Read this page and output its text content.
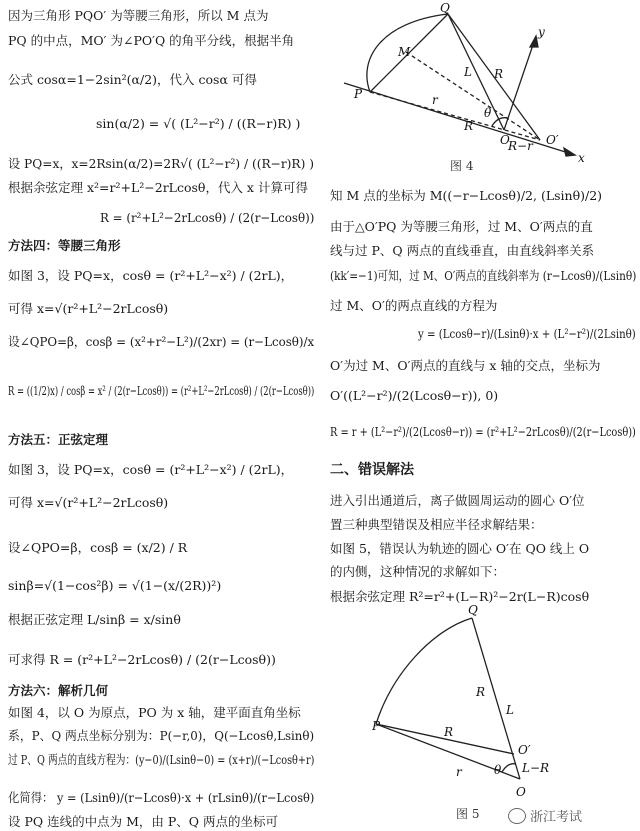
因为三角形 PQO′ 为等腰三角形，所以 M 点为
PQ 的中点，MO′ 为∠PO′Q 的角平分线，根据半角
公式 cosα=1−2sin²(α/2)，代入 cosα 可得
sin(α/2) = √( (L²−r²) / ((R−r)R) )
设 PQ=x，x=2Rsin(α/2)=2R√( (L²−r²) / ((R−r)R) )
根据余弦定理 x²=r²+L²−2rLcosθ，代入 x 计算可得
R = (r²+L²−2rLcosθ) / (2(r−Lcosθ))
方法四：等腰三角形
如图 3，设 PQ=x，cosθ = (r²+L²−x²) / (2rL)，
可得 x=√(r²+L²−2rLcosθ)
设∠QPO=β，cosβ = (x²+r²−L²)/(2xr) = (r−Lcosθ)/x
R = ((1/2)x) / cosβ = x² / (2(r−Lcosθ)) = (r²+L²−2rLcosθ) / (2(r−Lcosθ))
方法五：正弦定理
如图 3，设 PQ=x，cosθ = (r²+L²−x²) / (2rL)，
可得 x=√(r²+L²−2rLcosθ)
设∠QPO=β，cosβ = (x/2) / R
sinβ=√(1−cos²β) = √(1−(x/(2R))²)
根据正弦定理 L/sinβ = x/sinθ
可求得 R = (r²+L²−2rLcosθ) / (2(r−Lcosθ))
方法六：解析几何
如图 4，以 O 为原点，PO 为 x 轴，建平面直角坐标
系，P、Q 两点坐标分别为：P(−r,0)，Q(−Lcosθ,Lsinθ)
过 P、Q 两点的直线方程为：(y−0)/(Lsinθ−0) = (x+r)/(−Lcosθ+r)
化简得： y = (Lsinθ)/(r−Lcosθ)·x + (rLsinθ)/(r−Lcosθ)
设 PQ 连线的中点为 M，由 P、Q 两点的坐标可
知 M 点的坐标为 M((−r−Lcosθ)/2, (Lsinθ)/2)
由于△O′PQ 为等腰三角形，过 M、O′两点的直
线与过 P、Q 两点的直线垂直，由直线斜率关系
(kk′=−1)可知，过 M、O′两点的直线斜率为 (r−Lcosθ)/(Lsinθ)
过 M、O′的两点直线的方程为
y = (Lcosθ−r)/(Lsinθ)·x + (L²−r²)/(2Lsinθ)
O′为过 M、O′两点的直线与 x 轴的交点，坐标为
O′((L²−r²)/(2(Lcosθ−r)), 0)
R = r + (L²−r²)/(2(Lcosθ−r)) = (r²+L²−2rLcosθ)/(2(r−Lcosθ))
二、错误解法
进入引出通道后，离子做圆周运动的圆心 O′位
置三种典型错误及相应半径求解结果：
如图 5，错误认为轨迹的圆心 O′在 QO 线上 O
的内侧，这种情况的求解如下：
根据余弦定理 R²=r²+(L−R)²−2r(L−R)cosθ
Q
M
L R
P	r
θ
R
O
R−r O′
x
y
图 4
Q
R
L
P	R
O′
L−R
θ
r
O
图 5	浙江考试
